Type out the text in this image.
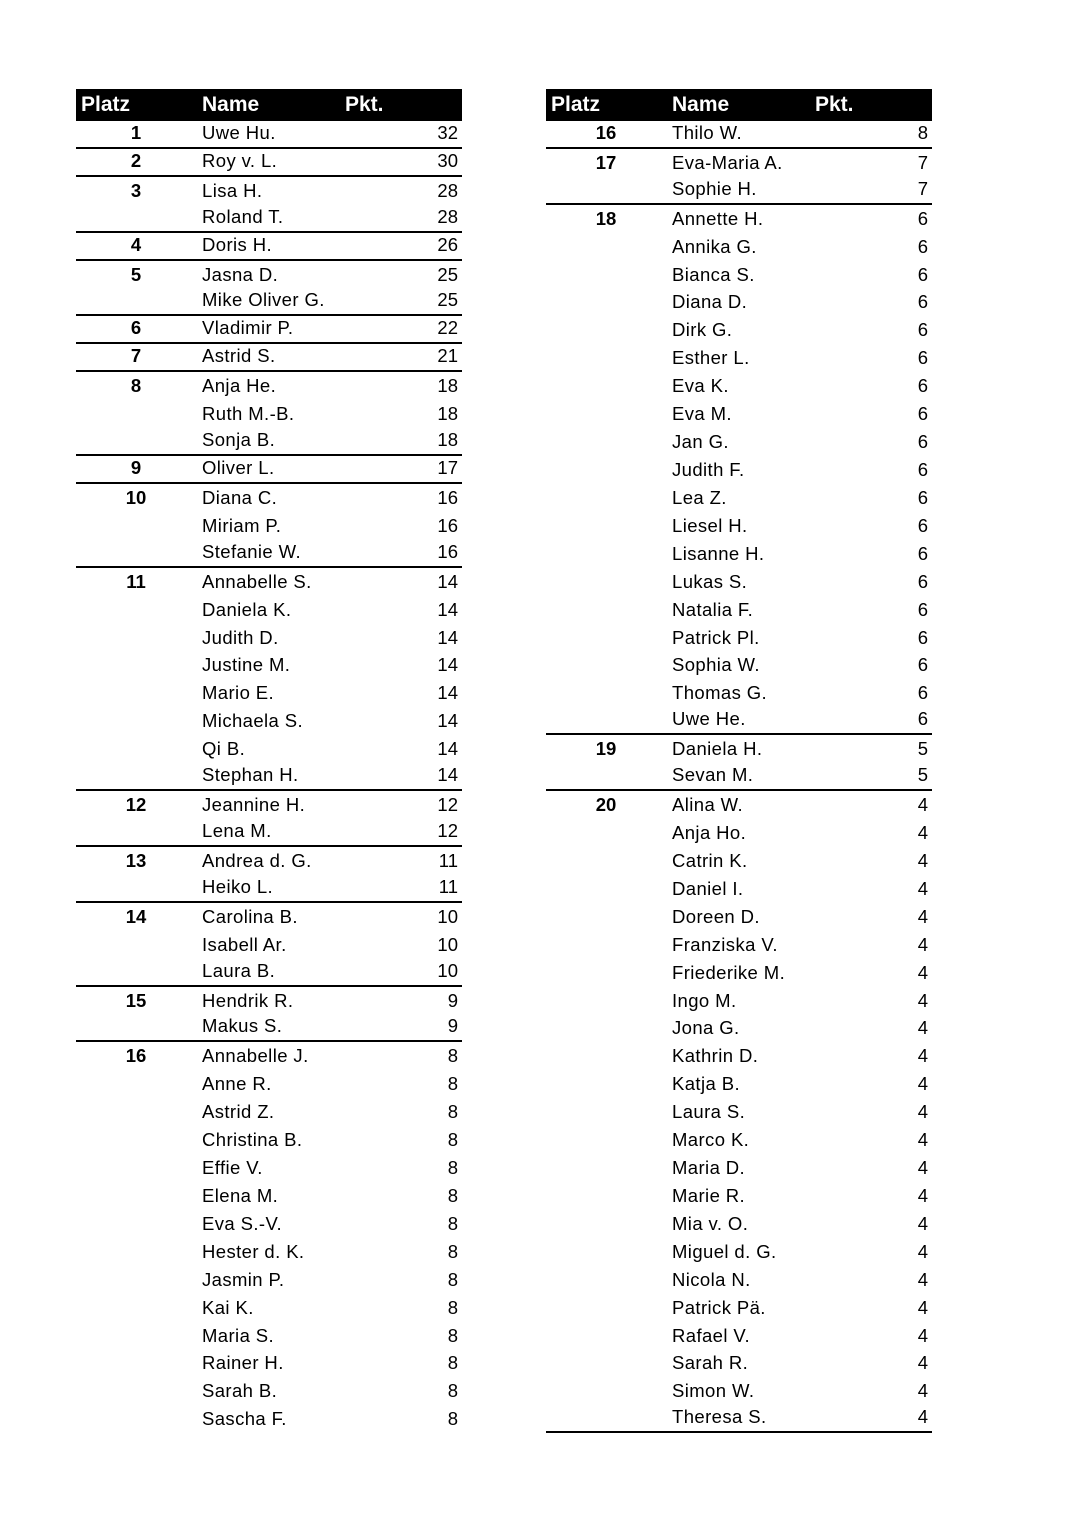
Platz	Name	Pkt.
1	Uwe Hu.	32
2	Roy v. L.	30
3	Lisa H.	28
Roland T.	28
4	Doris H.	26
5	Jasna D.	25
Mike Oliver G.	25
6	Vladimir P.	22
7	Astrid S.	21
8	Anja He.	18
Ruth M.-B.	18
Sonja B.	18
9	Oliver L.	17
10	Diana C.	16
Miriam P.	16
Stefanie W.	16
11	Annabelle S.	14
Daniela K.	14
Judith D.	14
Justine M.	14
Mario E.	14
Michaela S.	14
Qi B.	14
Stephan H.	14
12	Jeannine H.	12
Lena M.	12
13	Andrea d. G.	11
Heiko L.	11
14	Carolina B.	10
Isabell Ar.	10
Laura B.	10
15	Hendrik R.	9
Makus S.	9
16	Annabelle J.	8
Anne R.	8
Astrid Z.	8
Christina B.	8
Effie V.	8
Elena M.	8
Eva S.-V.	8
Hester d. K.	8
Jasmin P.	8
Kai K.	8
Maria S.	8
Rainer H.	8
Sarah B.	8
Sascha F.	8
Platz	Name	Pkt.
16	Thilo W.	8
17	Eva-Maria A.	7
Sophie H.	7
18	Annette H.	6
Annika G.	6
Bianca S.	6
Diana D.	6
Dirk G.	6
Esther L.	6
Eva K.	6
Eva M.	6
Jan G.	6
Judith F.	6
Lea Z.	6
Liesel H.	6
Lisanne H.	6
Lukas S.	6
Natalia F.	6
Patrick Pl.	6
Sophia W.	6
Thomas G.	6
Uwe He.	6
19	Daniela H.	5
Sevan M.	5
20	Alina W.	4
Anja Ho.	4
Catrin K.	4
Daniel I.	4
Doreen D.	4
Franziska V.	4
Friederike M.	4
Ingo M.	4
Jona G.	4
Kathrin D.	4
Katja B.	4
Laura S.	4
Marco K.	4
Maria D.	4
Marie R.	4
Mia v. O.	4
Miguel d. G.	4
Nicola N.	4
Patrick Pä.	4
Rafael V.	4
Sarah R.	4
Simon W.	4
Theresa S.	4
